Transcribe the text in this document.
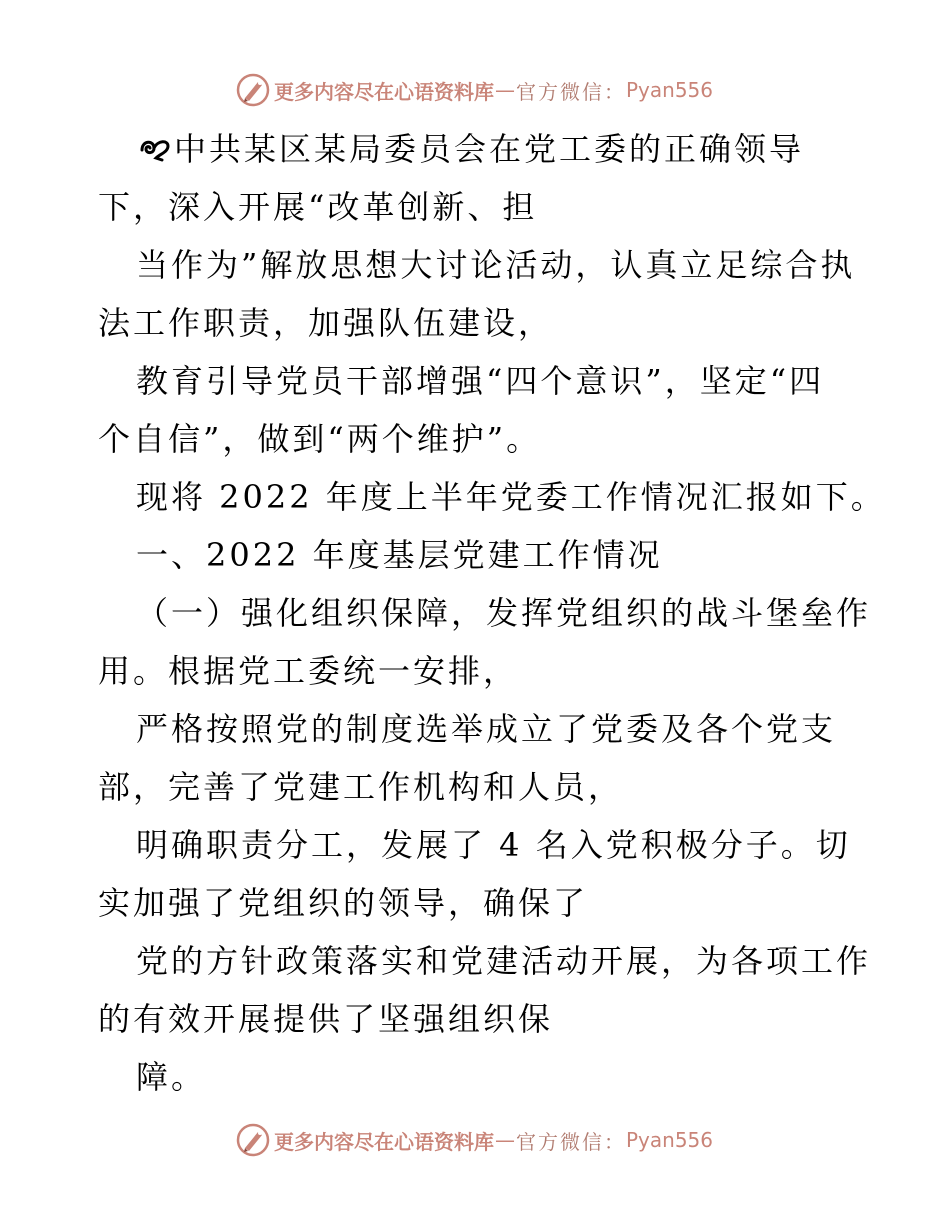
更多内容尽在心语资料库 — 官方微信： Pyan556
中共某区某局委员会在党工委的正确领导
下，深入开展“改革创新、担
当作为”解放思想大讨论活动，认真立足综合执
法工作职责，加强队伍建设，
教育引导党员干部增强“四个意识”，坚定“四
个自信”，做到“两个维护”。
现将 2022 年度上半年党委工作情况汇报如下。
一、2022 年度基层党建工作情况
（一）强化组织保障，发挥党组织的战斗堡垒作
用。根据党工委统一安排，
严格按照党的制度选举成立了党委及各个党支
部，完善了党建工作机构和人员，
明确职责分工，发展了 4 名入党积极分子。切
实加强了党组织的领导，确保了
党的方针政策落实和党建活动开展，为各项工作
的有效开展提供了坚强组织保
障。
更多内容尽在心语资料库 — 官方微信： Pyan556
